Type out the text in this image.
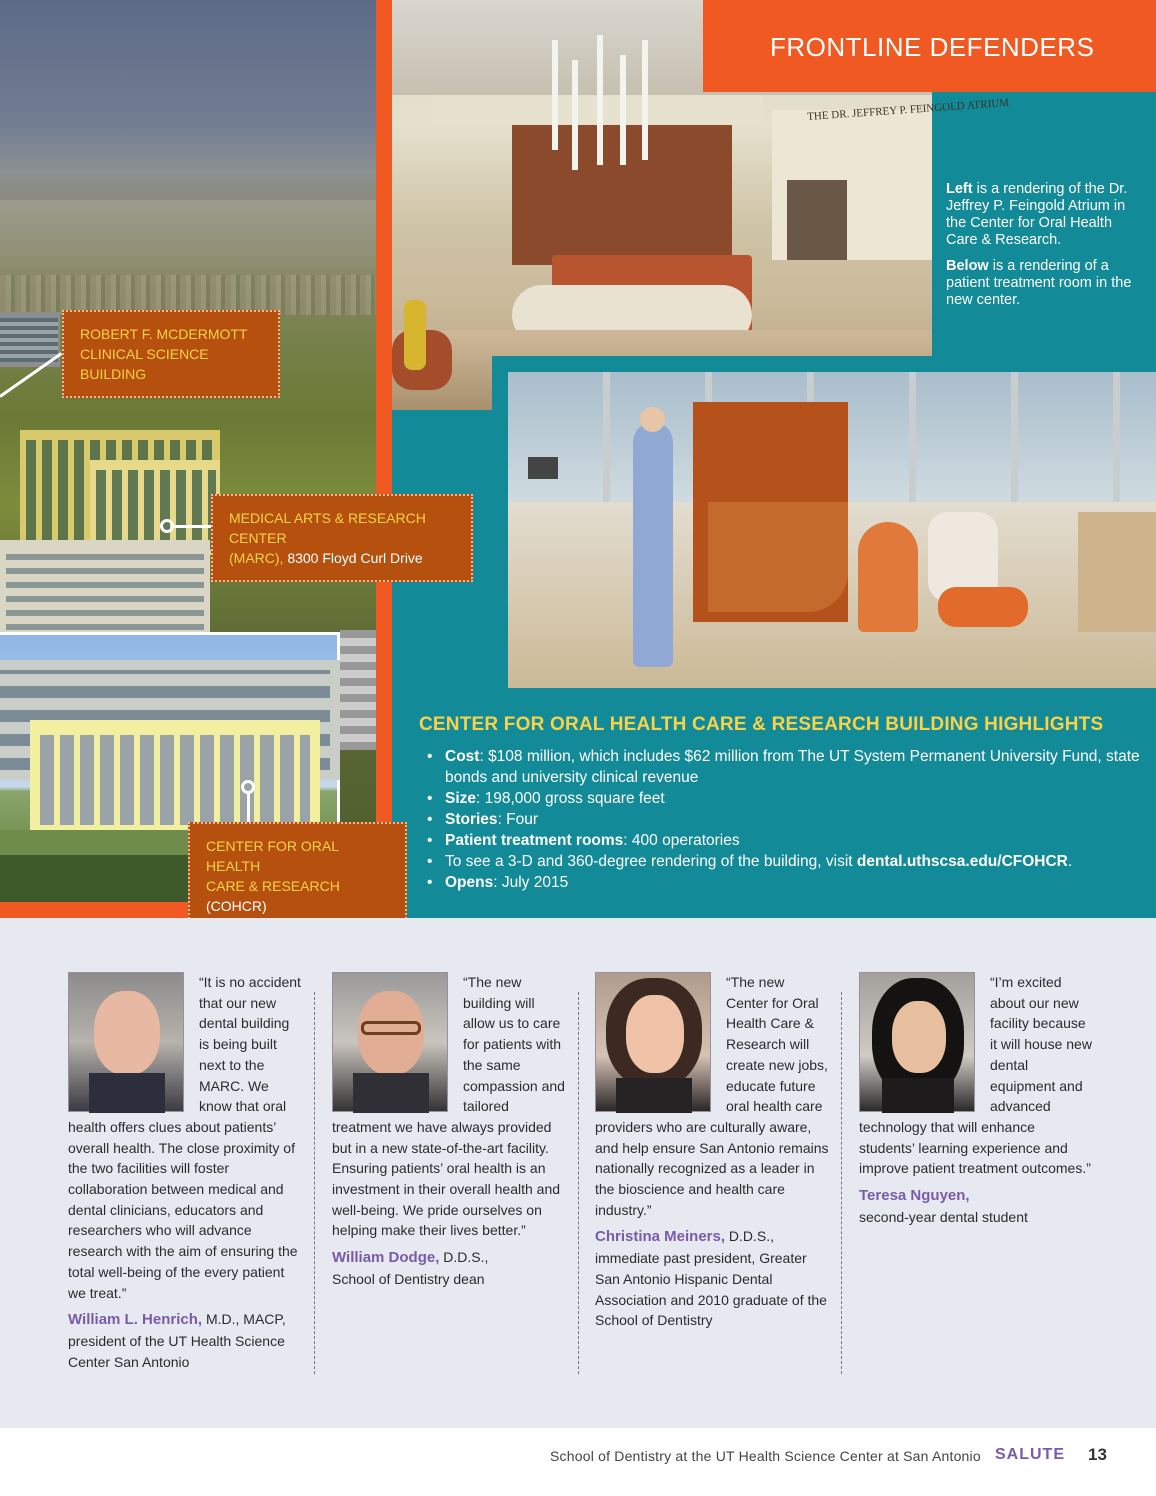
THE DR. JEFFREY P. FEINGOLD ATRIUM
FRONTLINE DEFENDERS

Left is a rendering of the Dr. Jeffrey P. Feingold Atrium in the Center for Oral Health Care & Research.

Below is a rendering of a patient treatment room in the new center.

ROBERT F. MCDERMOTT
CLINICAL SCIENCE BUILDING
MEDICAL ARTS & RESEARCH CENTER
(MARC), 8300 Floyd Curl Drive
CENTER FOR ORAL HEALTH
CARE & RESEARCH (COHCR)
CENTER FOR ORAL HEALTH CARE & RESEARCH BUILDING HIGHLIGHTS
• Cost: $108 million, which includes $62 million from The UT System Permanent University Fund, state bonds and university clinical revenue
• Size: 198,000 gross square feet
• Stories: Four
• Patient treatment rooms: 400 operatories
• To see a 3-D and 360-degree rendering of the building, visit dental.uthscsa.edu/CFOHCR.
• Opens: July 2015
“It is no accident that our new dental building is being built next to the MARC. We know that oral health offers clues about patients’ overall health. The close proximity of the two facilities will foster collaboration between medical and dental clinicians, educators and researchers who will advance research with the aim of ensuring the total well-being of the every patient we treat.”
William L. Henrich, M.D., MACP,
president of the UT Health Science Center San Antonio
“The new building will allow us to care for patients with the same compassion and tailored treatment we have always provided but in a new state-of-the-art facility. Ensuring patients’ oral health is an investment in their overall health and well-being. We pride ourselves on helping make their lives better.”
William Dodge, D.D.S.,
School of Dentistry dean
“The new Center for Oral Health Care & Research will create new jobs, educate future oral health care providers who are culturally aware, and help ensure San Antonio remains nationally recognized as a leader in the bioscience and health care industry.”
Christina Meiners, D.D.S.,
immediate past president, Greater San Antonio Hispanic Dental Association and 2010 graduate of the School of Dentistry
“I’m excited about our new facility because it will house new dental equipment and advanced technology that will enhance students’ learning experience and improve patient treatment outcomes.”
Teresa Nguyen,
second-year dental student
School of Dentistry at the UT Health Science Center at San Antonio SALUTE 13
